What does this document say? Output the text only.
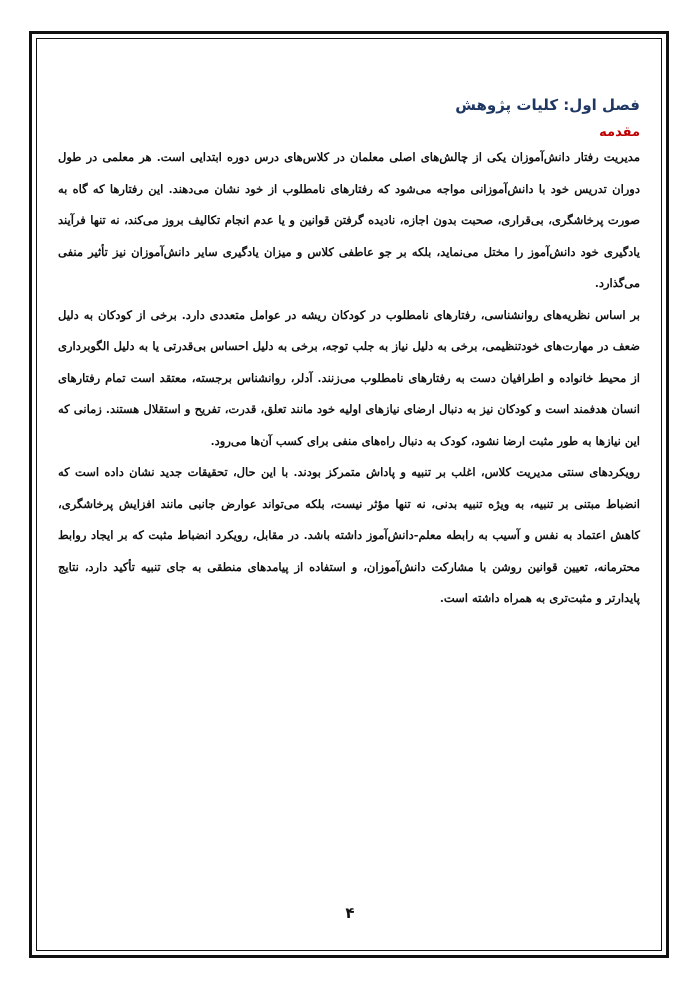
فصل اول: کلیات پژوهش
مقدمه

مدیریت رفتار دانش‌آموزان یکی از چالش‌های اصلی معلمان در کلاس‌های درس دوره ابتدایی است. هر معلمی در طول دوران تدریس خود با دانش‌آموزانی مواجه می‌شود که رفتارهای نامطلوب از خود نشان می‌دهند. این رفتارها که گاه به صورت پرخاشگری، بی‌قراری، صحبت بدون اجازه، نادیده گرفتن قوانین و یا عدم انجام تکالیف بروز می‌کند، نه تنها فرآیند یادگیری خود دانش‌آموز را مختل می‌نماید، بلکه بر جو عاطفی کلاس و میزان یادگیری سایر دانش‌آموزان نیز تأثیر منفی می‌گذارد.

بر اساس نظریه‌های روانشناسی، رفتارهای نامطلوب در کودکان ریشه در عوامل متعددی دارد. برخی از کودکان به دلیل ضعف در مهارت‌های خودتنظیمی، برخی به دلیل نیاز به جلب توجه، برخی به دلیل احساس بی‌قدرتی یا به دلیل الگوبرداری از محیط خانواده و اطرافیان دست به رفتارهای نامطلوب می‌زنند. آدلر، روانشناس برجسته، معتقد است تمام رفتارهای انسان هدفمند است و کودکان نیز به دنبال ارضای نیازهای اولیه خود مانند تعلق، قدرت، تفریح و استقلال هستند. زمانی که این نیازها به طور مثبت ارضا نشود، کودک به دنبال راه‌های منفی برای کسب آن‌ها می‌رود.

رویکردهای سنتی مدیریت کلاس، اغلب بر تنبیه و پاداش متمرکز بودند. با این حال، تحقیقات جدید نشان داده است که انضباط مبتنی بر تنبیه، به ویژه تنبیه بدنی، نه تنها مؤثر نیست، بلکه می‌تواند عوارض جانبی مانند افزایش پرخاشگری، کاهش اعتماد به نفس و آسیب به رابطه معلم-دانش‌آموز داشته باشد. در مقابل، رویکرد انضباط مثبت که بر ایجاد روابط محترمانه، تعیین قوانین روشن با مشارکت دانش‌آموزان، و استفاده از پیامدهای منطقی به جای تنبیه تأکید دارد، نتایج پایدارتر و مثبت‌تری به همراه داشته است.

۴
